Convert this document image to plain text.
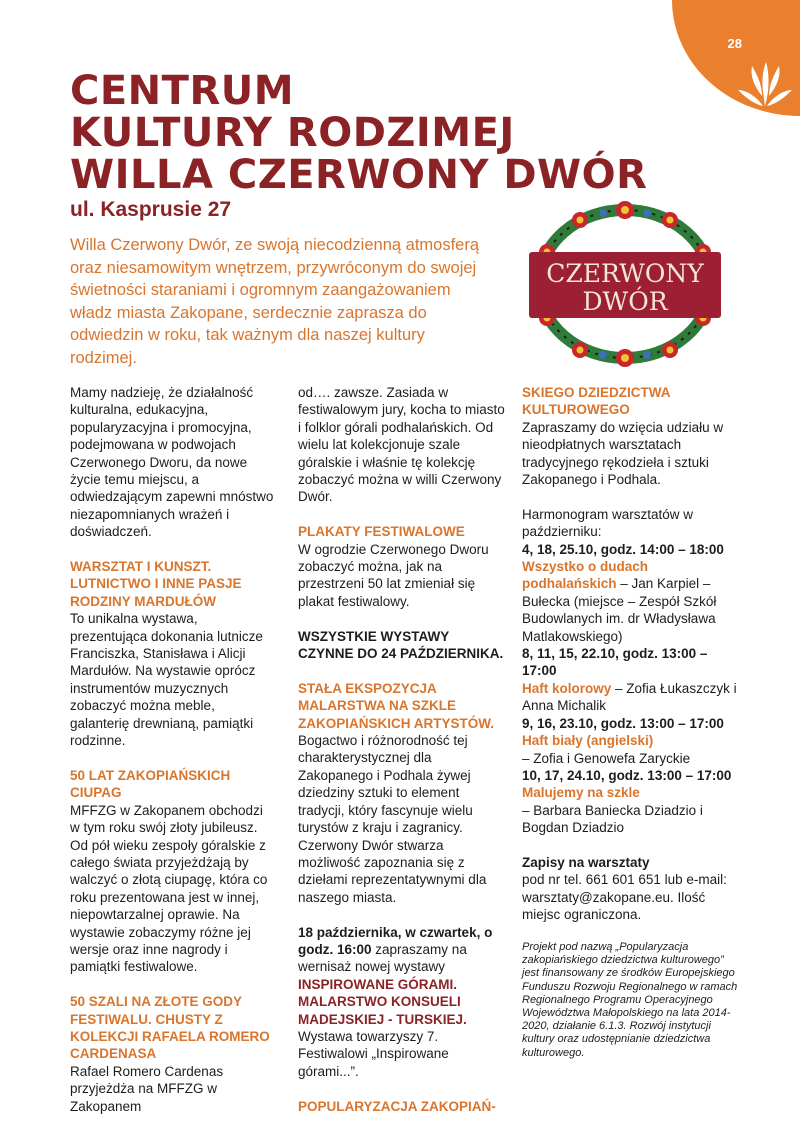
28
CENTRUM
KULTURY RODZIMEJ
WILLA CZERWONY DWÓR
ul. Kasprusie 27

Willa Czerwony Dwór, ze swoją niecodzienną atmosferą oraz niesamowitym wnętrzem, przywróconym do swojej świetności staraniami i ogromnym zaangażowaniem władz miasta Zakopane, serdecznie zaprasza do odwiedzin w roku, tak ważnym dla naszej kultury rodzimej.

CZERWONY
DWÓR

Mamy nadzieję, że działalność kulturalna, edukacyjna, popularyzacyjna i promocyjna, podejmowana w podwojach Czerwonego Dworu, da nowe życie temu miejscu, a odwiedzającym zapewni mnóstwo niezapomnianych wrażeń i doświadczeń.

WARSZTAT I KUNSZT. LUTNICTWO I INNE PASJE RODZINY MARDUŁÓW

To unikalna wystawa, prezentująca dokonania lutnicze Franciszka, Stanisława i Alicji Mardułów. Na wystawie oprócz instrumentów muzycznych zobaczyć można meble, galanterię drewnianą, pamiątki rodzinne.

50 LAT ZAKOPIAŃSKICH CIUPAG

MFFZG w Zakopanem obchodzi w tym roku swój złoty jubileusz. Od pół wieku zespoły góralskie z całego świata przyjeżdżają by walczyć o złotą ciupagę, która co roku prezentowana jest w innej, niepowtarzalnej oprawie. Na wystawie zobaczymy różne jej wersje oraz inne nagrody i pamiątki festiwalowe.

50 SZALI NA ZŁOTE GODY FESTIWALU. CHUSTY Z KOLEKCJI RAFAELA ROMERO CARDENASA

Rafael Romero Cardenas przyjeżdża na MFFZG w Zakopanem

od…. zawsze. Zasiada w festiwalowym jury, kocha to miasto i folklor górali podhalańskich. Od wielu lat kolekcjonuje szale góralskie i właśnie tę kolekcję zobaczyć można w willi Czerwony Dwór.

PLAKATY FESTIWALOWE

W ogrodzie Czerwonego Dworu zobaczyć można, jak na przestrzeni 50 lat zmieniał się plakat festiwalowy.

WSZYSTKIE WYSTAWY CZYNNE DO 24 PAŹDZIERNIKA.

STAŁA EKSPOZYCJA MALARSTWA NA SZKLE ZAKOPIAŃSKICH ARTYSTÓW.

Bogactwo i różnorodność tej charakterystycznej dla Zakopanego i Podhala żywej dziedziny sztuki to element tradycji, który fascynuje wielu turystów z kraju i zagranicy. Czerwony Dwór stwarza możliwość zapoznania się z dziełami reprezentatywnymi dla naszego miasta.

18 października, w czwartek, o godz. 16:00 zapraszamy na wernisaż nowej wystawy INSPIROWANE GÓRAMI. MALARSTWO KONSUELI MADEJSKIEJ - TURSKIEJ. Wystawa towarzyszy 7. Festiwalowi „Inspirowane górami...”.

POPULARYZACJA ZAKOPIAŃ-
SKIEGO DZIEDZICTWA KULTUROWEGO

Zapraszamy do wzięcia udziału w nieodpłatnych warsztatach tradycyjnego rękodzieła i sztuki Zakopanego i Podhala.

Harmonogram warsztatów w październiku:
4, 18, 25.10, godz. 14:00 – 18:00
Wszystko o dudach podhalańskich – Jan Karpiel – Bułecka (miejsce – Zespół Szkół Budowlanych im. dr Władysława Matlakowskiego)
8, 11, 15, 22.10, godz. 13:00 – 17:00
Haft kolorowy – Zofia Łukaszczyk i Anna Michalik
9, 16, 23.10, godz. 13:00 – 17:00
Haft biały (angielski)
– Zofia i Genowefa Zaryckie
10, 17, 24.10, godz. 13:00 – 17:00
Malujemy na szkle

– Barbara Baniecka Dziadzio i Bogdan Dziadzio

Zapisy na warsztaty

pod nr tel. 661 601 651 lub e-mail: warsztaty@zakopane.eu. Ilość miejsc ograniczona.

Projekt pod nazwą „Popularyzacja zakopiańskiego dziedzictwa kulturowego” jest finansowany ze środków Europejskiego Funduszu Rozwoju Regionalnego w ramach Regionalnego Programu Operacyjnego Województwa Małopolskiego na lata 2014-2020, działanie 6.1.3. Rozwój instytucji kultury oraz udostępnianie dziedzictwa kulturowego.
